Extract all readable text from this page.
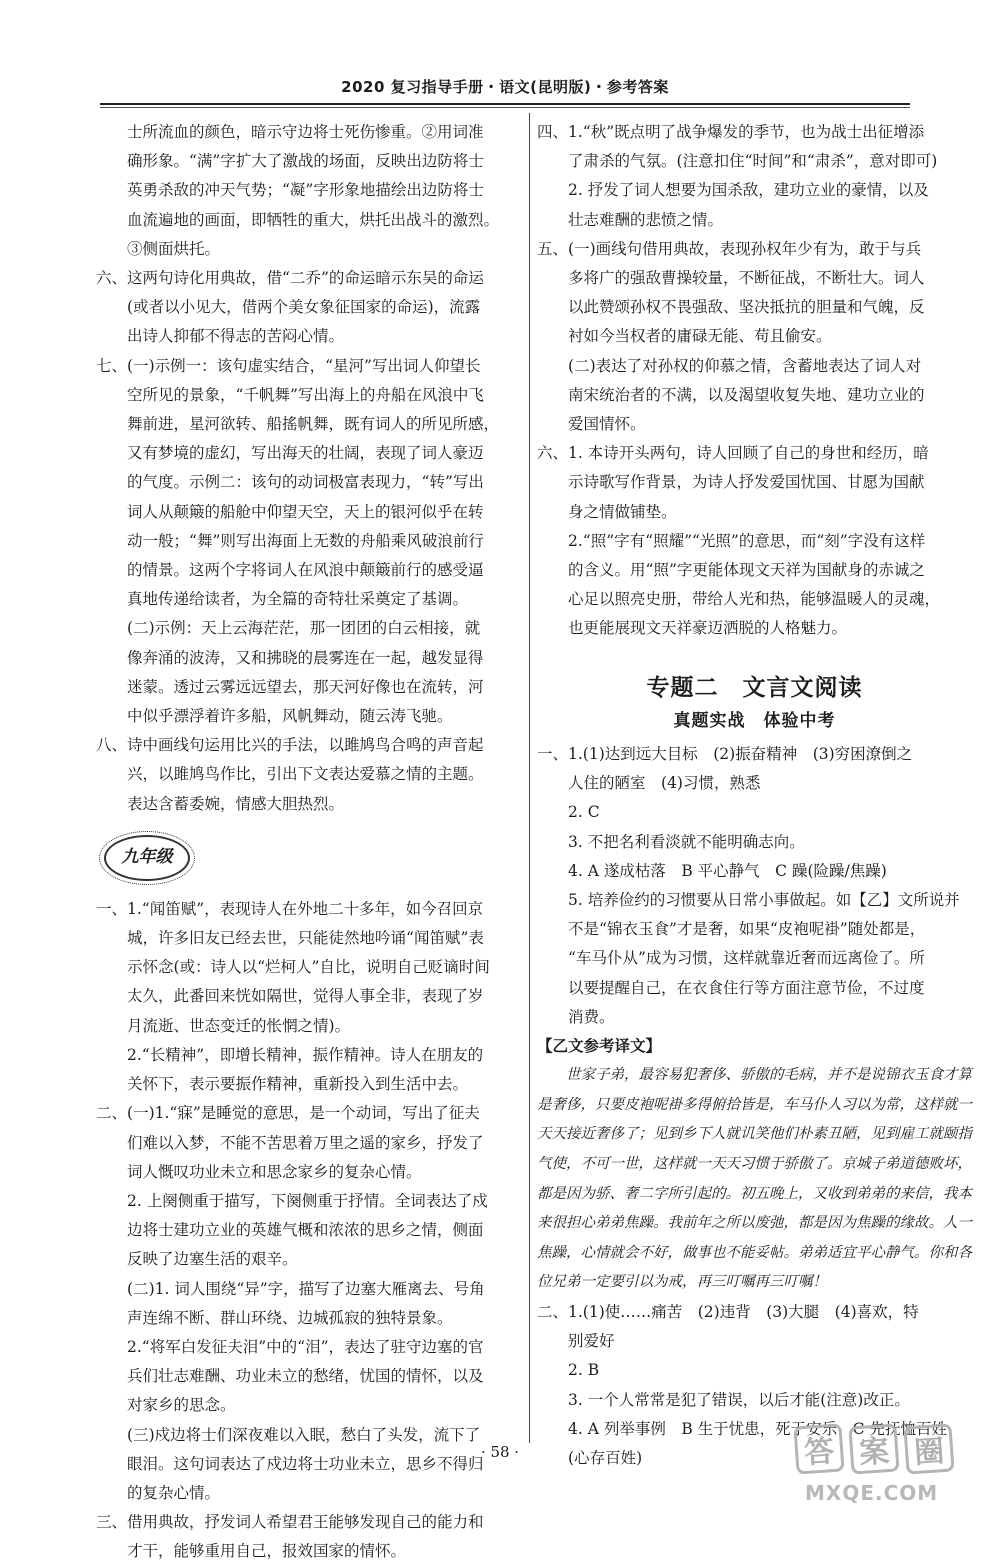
2020 复习指导手册・语文(昆明版)・参考答案

士所流血的颜色，暗示守边将士死伤惨重。②用词准

确形象。“满”字扩大了激战的场面，反映出边防将士

英勇杀敌的冲天气势；“凝”字形象地描绘出边防将士

血流遍地的画面，即牺牲的重大，烘托出战斗的激烈。

③侧面烘托。

六、 这两句诗化用典故，借“二乔”的命运暗示东吴的命运

(或者以小见大，借两个美女象征国家的命运)，流露

出诗人抑郁不得志的苦闷心情。

七、 (一)示例一：该句虚实结合，“星河”写出词人仰望长

空所见的景象，“千帆舞”写出海上的舟船在风浪中飞

舞前进，星河欲转、船搖帆舞，既有词人的所见所感，

又有梦境的虚幻，写出海天的壮阔，表现了词人豪迈

的气度。示例二：该句的动词极富表现力，“转”写出

词人从颠簸的船舱中仰望天空，天上的银河似乎在转

动一般；“舞”则写出海面上无数的舟船乘风破浪前行

的情景。这两个字将词人在风浪中颠簸前行的感受逼

真地传递给读者，为全篇的奇特壮采奠定了基调。

(二)示例：天上云海茫茫，那一团团的白云相接，就

像奔涌的波涛，又和拂晓的晨雾连在一起，越发显得

迷蒙。透过云雾远远望去，那天河好像也在流转，河

中似乎漂浮着许多船，风帆舞动，随云涛飞驰。

八、 诗中画线句运用比兴的手法，以雎鸠鸟合鸣的声音起

兴，以雎鸠鸟作比，引出下文表达爱慕之情的主题。

表达含蓄委婉，情感大胆热烈。

九年级
一、 1.“闻笛赋”，表现诗人在外地二十多年，如今召回京

城，许多旧友已经去世，只能徒然地吟诵“闻笛赋”表

示怀念(或：诗人以“烂柯人”自比，说明自己贬谪时间

太久，此番回来恍如隔世，觉得人事全非，表现了岁

月流逝、世态变迁的怅惘之情)。

2.“长精神”，即增长精神，振作精神。诗人在朋友的

关怀下，表示要振作精神，重新投入到生活中去。

二、 (一)1.“寐”是睡觉的意思，是一个动词，写出了征夫

们难以入梦，不能不苦思着万里之遥的家乡，抒发了

词人慨叹功业未立和思念家乡的复杂心情。

2. 上阕侧重于描写，下阕侧重于抒情。全词表达了戍

边将士建功立业的英雄气概和浓浓的思乡之情，侧面

反映了边塞生活的艰辛。

(二)1. 词人围绕“异”字，描写了边塞大雁离去、号角

声连绵不断、群山环绕、边城孤寂的独特景象。

2.“将军白发征夫泪”中的“泪”，表达了驻守边塞的官

兵们壮志难酬、功业未立的愁绪，忧国的情怀，以及

对家乡的思念。

(三)戍边将士们深夜难以入眠，愁白了头发，流下了

眼泪。这句词表达了戍边将士功业未立，思乡不得归

的复杂心情。

三、 借用典故，抒发词人希望君王能够发现自己的能力和

才干，能够重用自己，报效国家的情怀。

四、 1.“秋”既点明了战争爆发的季节，也为战士出征增添

了肃杀的气氛。(注意扣住“时间”和“肃杀”，意对即可)

2. 抒发了词人想要为国杀敌，建功立业的豪情，以及

壮志难酬的悲愤之情。

五、 (一)画线句借用典故，表现孙权年少有为，敢于与兵

多将广的强敌曹操较量，不断征战，不断壮大。词人

以此赞颂孙权不畏强敌、坚决抵抗的胆量和气魄，反

衬如今当权者的庸碌无能、苟且偷安。

(二)表达了对孙权的仰慕之情，含蓄地表达了词人对

南宋统治者的不满，以及渴望收复失地、建功立业的

爱国情怀。

六、 1. 本诗开头两句，诗人回顾了自己的身世和经历，暗

示诗歌写作背景，为诗人抒发爱国忧国、甘愿为国献

身之情做铺垫。

2.“照”字有“照耀”“光照”的意思，而“刻”字没有这样

的含义。用“照”字更能体现文天祥为国献身的赤诚之

心足以照亮史册，带给人光和热，能够温暖人的灵魂，

也更能展现文天祥豪迈洒脱的人格魅力。

专题二　文言文阅读
真题实战　体验中考
一、 1.(1)达到远大目标　(2)振奋精神　(3)穷困潦倒之

人住的陋室　(4)习惯，熟悉

2. C

3. 不把名利看淡就不能明确志向。

4. A 遂成枯落　B 平心静气　C 躁(险躁/焦躁)

5. 培养俭约的习惯要从日常小事做起。如【乙】文所说并

不是“锦衣玉食”才是奢，如果“皮袍呢褂”随处都是，

“车马仆从”成为习惯，这样就靠近奢而远离俭了。所

以要提醒自己，在衣食住行等方面注意节俭，不过度

消费。

【乙文参考译文】
世家子弟，最容易犯奢侈、骄傲的毛病，并不是说锦衣玉食才算是奢侈，只要皮袍呢褂多得俯拾皆是，车马仆人习以为常，这样就一天天接近奢侈了；见到乡下人就讥笑他们朴素丑陋，见到雇工就颐指气使，不可一世，这样就一天天习惯于骄傲了。京城子弟道德败坏，都是因为骄、奢二字所引起的。初五晚上，又收到弟弟的来信，我本来很担心弟弟焦躁。我前年之所以废弛，都是因为焦躁的缘故。人一焦躁，心情就会不好，做事也不能妥帖。弟弟适宜平心静气。你和各位兄弟一定要引以为戒，再三叮嘱再三叮嘱！
二、 1.(1)使……痛苦　(2)违背　(3)大腿　(4)喜欢，特

别爱好

2. B

3. 一个人常常是犯了错误，以后才能(注意)改正。

4. A 列举事例　B 生于忧患，死于安乐　C 先抚恤百姓

(心存百姓)

· 58 ·	答 案 圈
MXQE.COM
